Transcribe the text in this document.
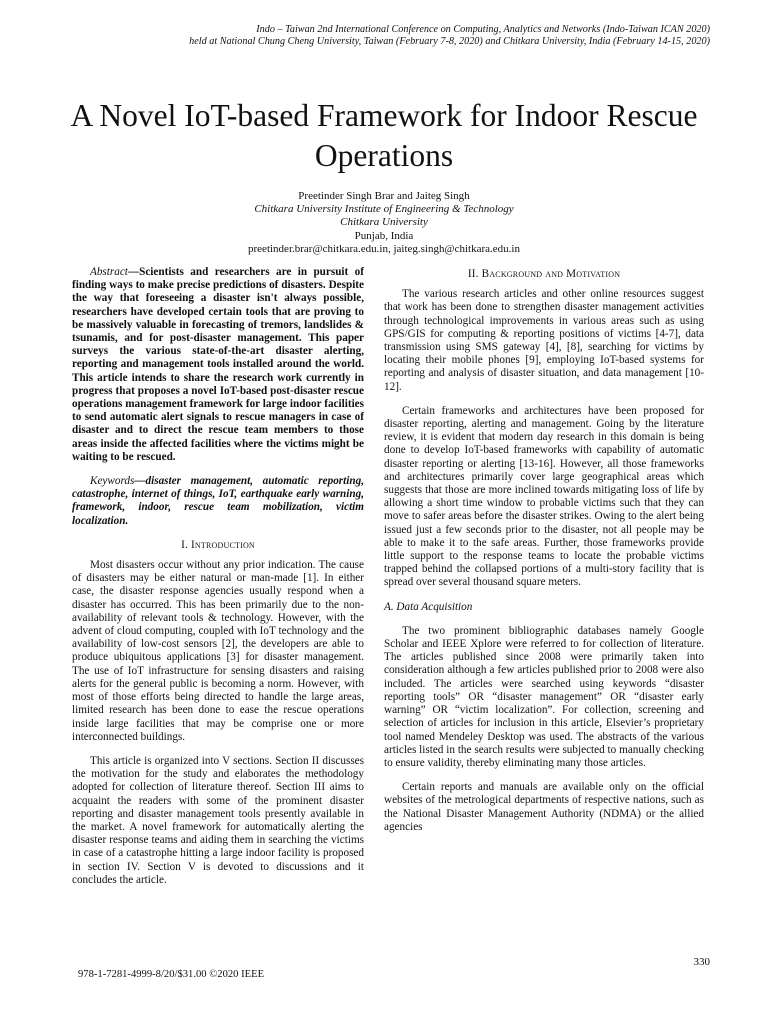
Indo – Taiwan 2nd International Conference on Computing, Analytics and Networks (Indo-Taiwan ICAN 2020)
held at National Chung Cheng University, Taiwan (February 7-8, 2020) and Chitkara University, India (February 14-15, 2020)
A Novel IoT-based Framework for Indoor Rescue Operations
Preetinder Singh Brar and Jaiteg Singh
Chitkara University Institute of Engineering & Technology
Chitkara University
Punjab, India
preetinder.brar@chitkara.edu.in, jaiteg.singh@chitkara.edu.in

Abstract—Scientists and researchers are in pursuit of finding ways to make precise predictions of disasters. Despite the way that foreseeing a disaster isn't always possible, researchers have developed certain tools that are proving to be massively valuable in forecasting of tremors, landslides & tsunamis, and for post-disaster management. This paper surveys the various state-of-the-art disaster alerting, reporting and management tools installed around the world. This article intends to share the research work currently in progress that proposes a novel IoT-based post-disaster rescue operations management framework for large indoor facilities to send automatic alert signals to rescue managers in case of disaster and to direct the rescue team members to those areas inside the affected facilities where the victims might be waiting to be rescued.

Keywords—disaster management, automatic reporting, catastrophe, internet of things, IoT, earthquake early warning, framework, indoor, rescue team mobilization, victim localization.

I. Introduction

Most disasters occur without any prior indication. The cause of disasters may be either natural or man-made [1]. In either case, the disaster response agencies usually respond when a disaster has occurred. This has been primarily due to the non-availability of relevant tools & technology. However, with the advent of cloud computing, coupled with IoT technology and the availability of low-cost sensors [2], the developers are able to produce ubiquitous applications [3] for disaster management. The use of IoT infrastructure for sensing disasters and raising alerts for the general public is becoming a norm. However, with most of those efforts being directed to handle the large areas, limited research has been done to ease the rescue operations inside large facilities that may be comprise one or more interconnected buildings.

This article is organized into V sections. Section II discusses the motivation for the study and elaborates the methodology adopted for collection of literature thereof. Section III aims to acquaint the readers with some of the prominent disaster reporting and disaster management tools presently available in the market. A novel framework for automatically alerting the disaster response teams and aiding them in searching the victims in case of a catastrophe hitting a large indoor facility is proposed in section IV. Section V is devoted to discussions and it concludes the article.

II. Background and Motivation

The various research articles and other online resources suggest that work has been done to strengthen disaster management activities through technological improvements in various areas such as using GPS/GIS for computing & reporting positions of victims [4-7], data transmission using SMS gateway [4], [8], searching for victims by locating their mobile phones [9], employing IoT-based systems for reporting and analysis of disaster situation, and data management [10-12].

Certain frameworks and architectures have been proposed for disaster reporting, alerting and management. Going by the literature review, it is evident that modern day research in this domain is being done to develop IoT-based frameworks with capability of automatic disaster reporting or alerting [13-16]. However, all those frameworks and architectures primarily cover large geographical areas which suggests that those are more inclined towards mitigating loss of life by allowing a short time window to probable victims such that they can move to safer areas before the disaster strikes. Owing to the alert being issued just a few seconds prior to the disaster, not all people may be able to make it to the safe areas. Further, those frameworks provide little support to the response teams to locate the probable victims trapped behind the collapsed portions of a multi-story facility that is spread over several thousand square meters.

A. Data Acquisition

The two prominent bibliographic databases namely Google Scholar and IEEE Xplore were referred to for collection of literature. The articles published since 2008 were primarily taken into consideration although a few articles published prior to 2008 were also included. The articles were searched using keywords “disaster reporting tools” OR “disaster management” OR “disaster early warning” OR “victim localization”. For collection, screening and selection of articles for inclusion in this article, Elsevier’s proprietary tool named Mendeley Desktop was used. The abstracts of the various articles listed in the search results were subjected to manually checking to ensure validity, thereby eliminating many those articles.

Certain reports and manuals are available only on the official websites of the metrological departments of respective nations, such as the National Disaster Management Authority (NDMA) or the allied agencies

978-1-7281-4999-8/20/$31.00 ©2020 IEEE
330
